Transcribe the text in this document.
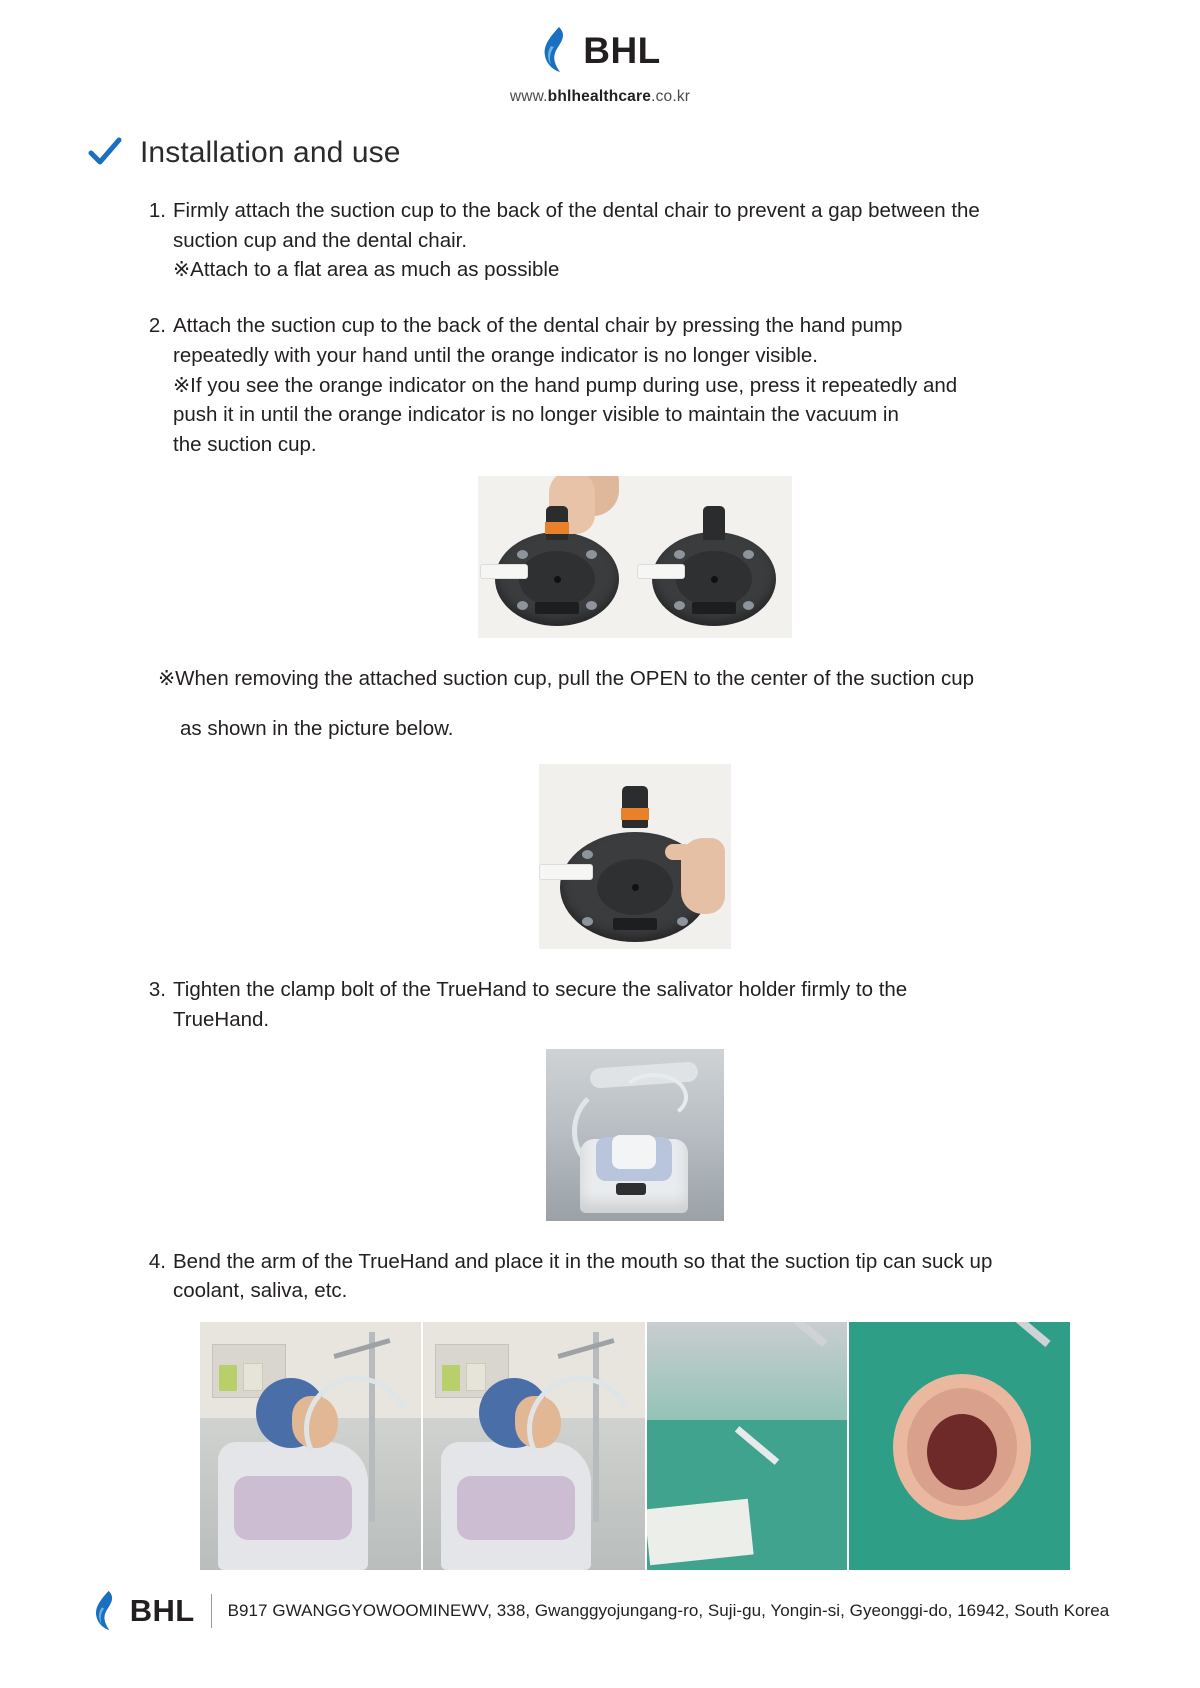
BHL
www.bhlhealthcare.co.kr
Installation and use
1. Firmly attach the suction cup to the back of the dental chair to prevent a gap between the

suction cup and the dental chair.

※Attach to a flat area as much as possible

2. Attach the suction cup to the back of the dental chair by pressing the hand pump

repeatedly with your hand until the orange indicator is no longer visible.

※If you see the orange indicator on the hand pump during use, press it repeatedly and

push it in until the orange indicator is no longer visible to maintain the vacuum in

the suction cup.

※When removing the attached suction cup, pull the OPEN to the center of the suction cup

as shown in the picture below.

3. Tighten the clamp bolt of the TrueHand to secure the salivator holder firmly to the

TrueHand.

4. Bend the arm of the TrueHand and place it in the mouth so that the suction tip can suck up

coolant, saliva, etc.

BHL B917 GWANGGYOWOOMINEWV, 338, Gwanggyojungang-ro, Suji-gu, Yongin-si, Gyeonggi-do, 16942, South Korea
